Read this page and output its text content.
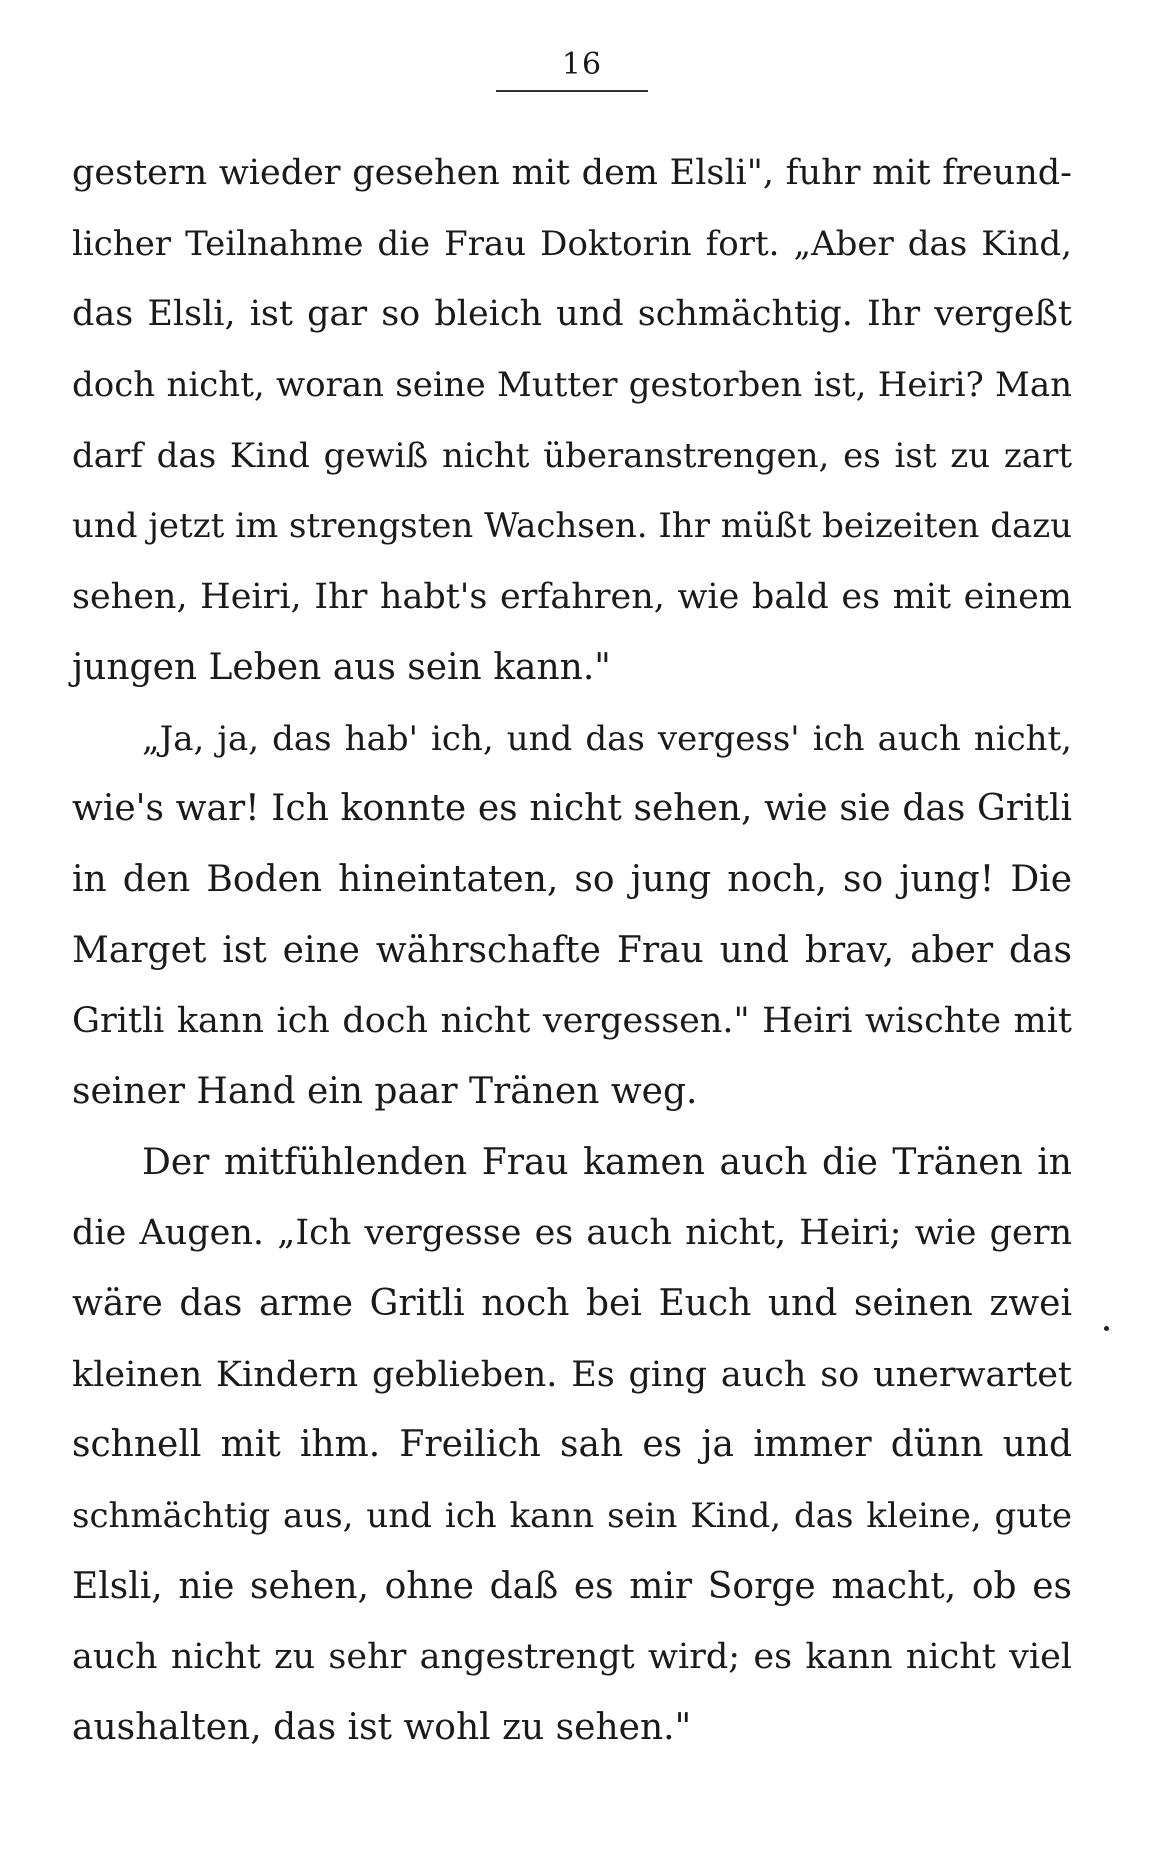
16
gestern wieder gesehen mit dem Elsli", fuhr mit freund-
licher Teilnahme die Frau Doktorin fort. „Aber das Kind,
das Elsli, ist gar so bleich und schmächtig. Ihr vergeßt
doch nicht, woran seine Mutter gestorben ist, Heiri? Man
darf das Kind gewiß nicht überanstrengen, es ist zu zart
und jetzt im strengsten Wachsen. Ihr müßt beizeiten dazu
sehen, Heiri, Ihr habt's erfahren, wie bald es mit einem
jungen Leben aus sein kann."
„Ja, ja, das hab' ich, und das vergess' ich auch nicht,
wie's war! Ich konnte es nicht sehen, wie sie das Gritli
in den Boden hineintaten, so jung noch, so jung! Die
Marget ist eine währschafte Frau und brav, aber das
Gritli kann ich doch nicht vergessen." Heiri wischte mit
seiner Hand ein paar Tränen weg.
Der mitfühlenden Frau kamen auch die Tränen in
die Augen. „Ich vergesse es auch nicht, Heiri; wie gern
wäre das arme Gritli noch bei Euch und seinen zwei
kleinen Kindern geblieben. Es ging auch so unerwartet
schnell mit ihm. Freilich sah es ja immer dünn und
schmächtig aus, und ich kann sein Kind, das kleine, gute
Elsli, nie sehen, ohne daß es mir Sorge macht, ob es
auch nicht zu sehr angestrengt wird; es kann nicht viel
aushalten, das ist wohl zu sehen."
